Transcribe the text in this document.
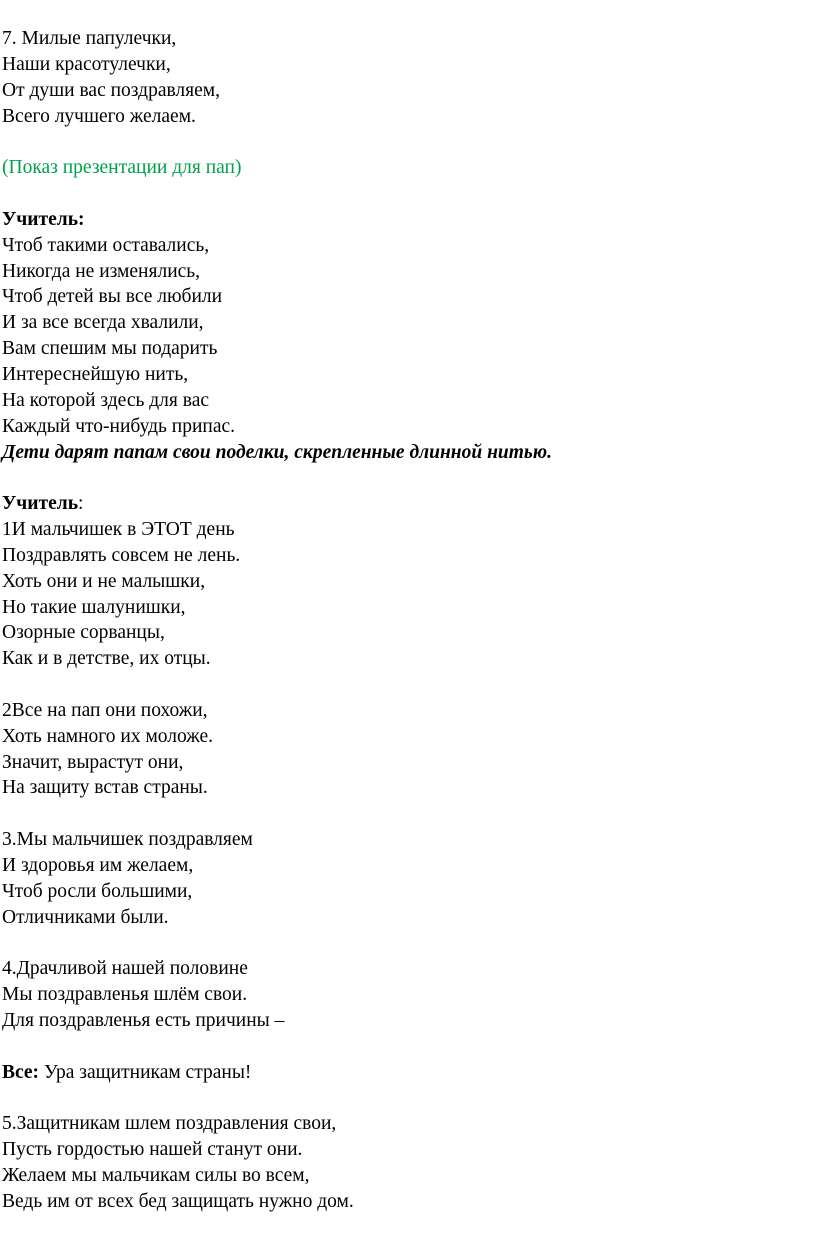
7. Милые папулечки,
Наши красотулечки,
От души вас поздравляем,
Всего лучшего желаем.
(Показ презентации для пап)
Учитель:
Чтоб такими оставались,
Никогда не изменялись,
Чтоб детей вы все любили
И за все всегда хвалили,
Вам спешим мы подарить
Интереснейшую нить,
На которой здесь для вас
Каждый что-нибудь припас.
Дети дарят папам свои поделки, скрепленные длинной нитью.
Учитель:
1И мальчишек в ЭТОТ день
Поздравлять совсем не лень.
Хоть они и не малышки,
Но такие шалунишки,
Озорные сорванцы,
Как и в детстве, их отцы.
2Все на пап они похожи,
Хоть намного их моложе.
Значит, вырастут они,
На защиту встав страны.
3.Мы мальчишек поздравляем
И здоровья им желаем,
Чтоб росли большими,
Отличниками были.
4.Драчливой нашей половине
Мы поздравленья шлём свои.
Для поздравленья есть причины –
Все: Ура защитникам страны!
5.Защитникам шлем поздравления свои,
Пусть гордостью нашей станут они.
Желаем мы мальчикам силы во всем,
Ведь им от всех бед защищать нужно дом.
